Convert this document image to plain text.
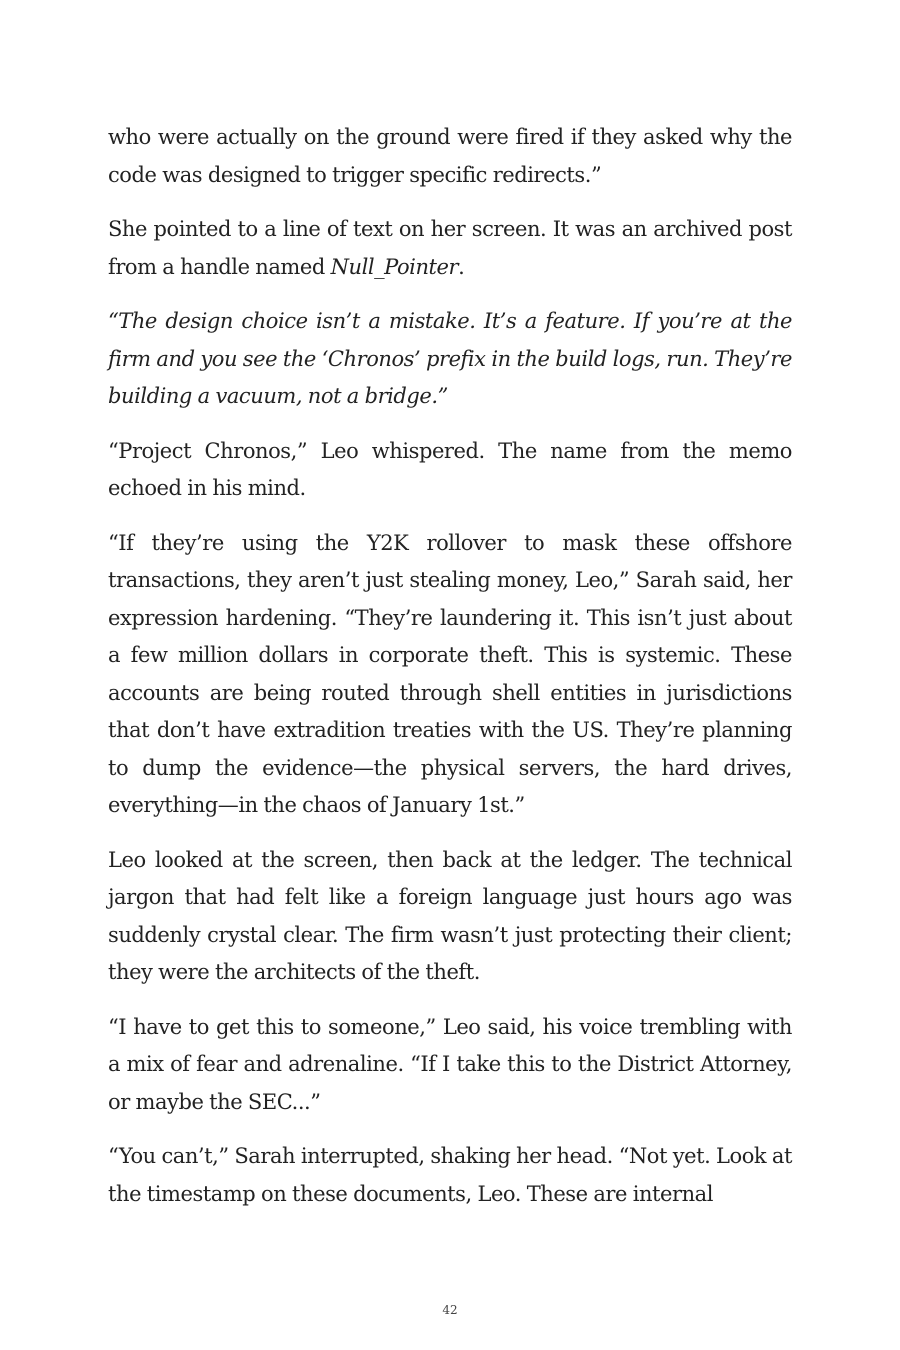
who were actually on the ground were fired if they asked why the code was designed to trigger specific redirects.”

She pointed to a line of text on her screen. It was an archived post from a handle named Null_Pointer.

“The design choice isn’t a mistake. It’s a feature. If you’re at the firm and you see the ‘Chronos’ prefix in the build logs, run. They’re building a vacuum, not a bridge.”

“Project Chronos,” Leo whispered. The name from the memo echoed in his mind.

“If they’re using the Y2K rollover to mask these offshore transactions, they aren’t just stealing money, Leo,” Sarah said, her expression hardening. “They’re laundering it. This isn’t just about a few million dollars in corporate theft. This is systemic. These accounts are being routed through shell entities in jurisdictions that don’t have extradition treaties with the US. They’re planning to dump the evidence—the physical servers, the hard drives, everything—in the chaos of January 1st.”

Leo looked at the screen, then back at the ledger. The technical jargon that had felt like a foreign language just hours ago was suddenly crystal clear. The firm wasn’t just protecting their client; they were the architects of the theft.

“I have to get this to someone,” Leo said, his voice trembling with a mix of fear and adrenaline. “If I take this to the District Attorney, or maybe the SEC...”

“You can’t,” Sarah interrupted, shaking her head. “Not yet. Look at the timestamp on these documents, Leo. These are internal

42
